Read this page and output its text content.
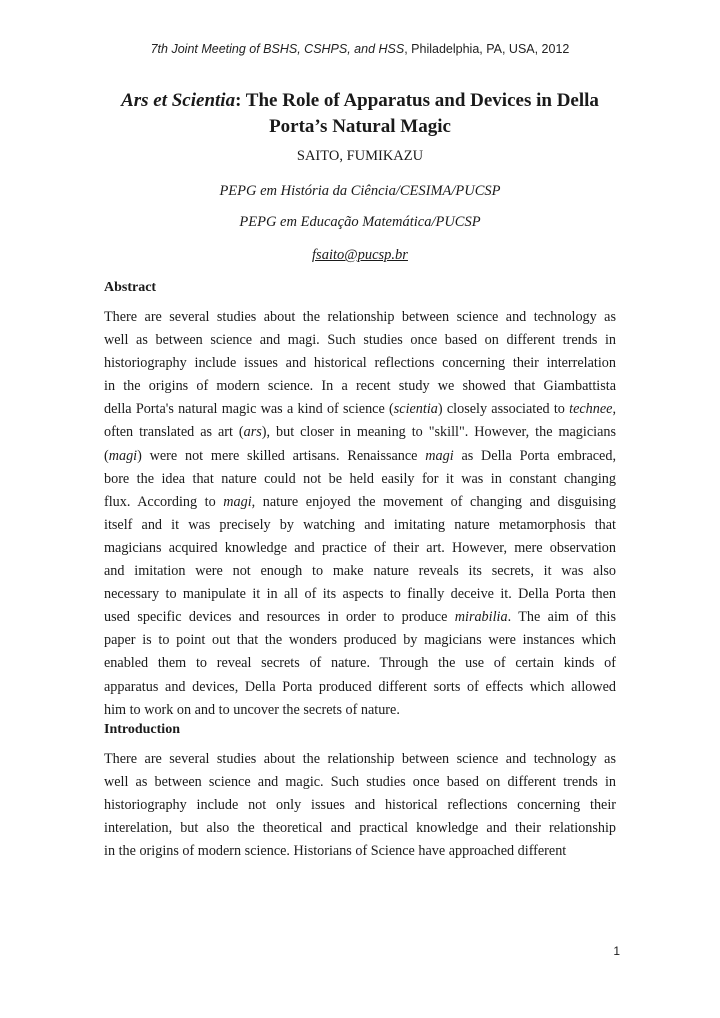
7th Joint Meeting of BSHS, CSHPS, and HSS, Philadelphia, PA, USA, 2012
Ars et Scientia: The Role of Apparatus and Devices in Della Porta’s Natural Magic
SAITO, FUMIKAZU
PEPG em História da Ciência/CESIMA/PUCSP
PEPG em Educação Matemática/PUCSP
fsaito@pucsp.br
Abstract
There are several studies about the relationship between science and technology as
well as between science and magi. Such studies once based on different trends in
historiography include issues and historical reflections concerning their interrelation
in the origins of modern science. In a recent study we showed that Giambattista
della Porta's natural magic was a kind of science (scientia) closely associated to technee,
often translated as art (ars), but closer in meaning to "skill". However, the magicians
(magi) were not mere skilled artisans. Renaissance magi as Della Porta embraced,
bore the idea that nature could not be held easily for it was in constant changing
flux. According to magi, nature enjoyed the movement of changing and disguising
itself and it was precisely by watching and imitating nature metamorphosis that
magicians acquired knowledge and practice of their art. However, mere observation
and imitation were not enough to make nature reveals its secrets, it was also
necessary to manipulate it in all of its aspects to finally deceive it. Della Porta then
used specific devices and resources in order to produce mirabilia. The aim of this
paper is to point out that the wonders produced by magicians were instances which
enabled them to reveal secrets of nature. Through the use of certain kinds of
apparatus and devices, Della Porta produced different sorts of effects which allowed
him to work on and to uncover the secrets of nature.
Introduction
There are several studies about the relationship between science and technology as
well as between science and magic. Such studies once based on different trends in
historiography include not only issues and historical reflections concerning their
interelation, but also the theoretical and practical knowledge and their relationship
in the origins of modern science. Historians of Science have approached different
1
